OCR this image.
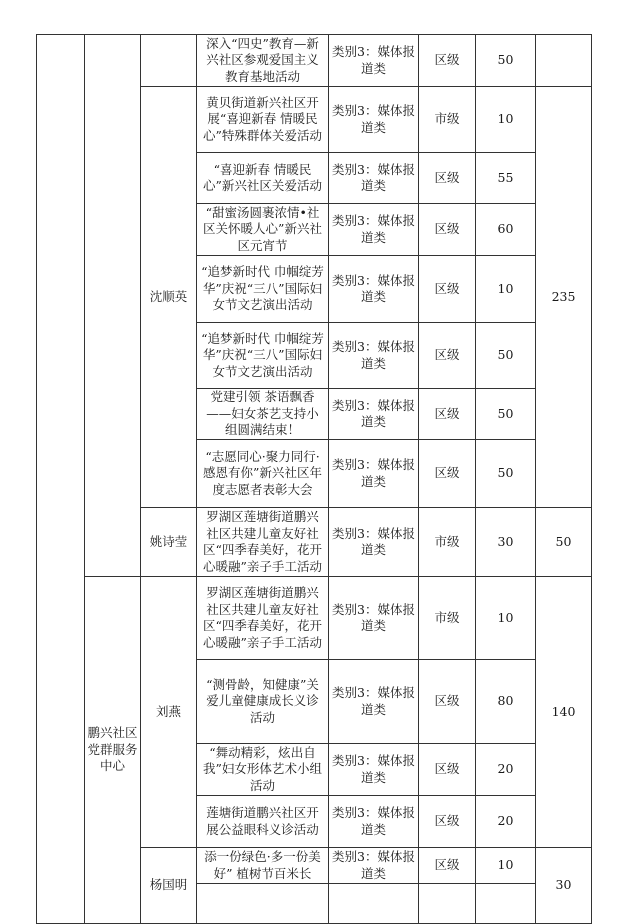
			深入“四史”教育—新兴社区参观爱国主义教育基地活动	类别3：媒体报道类	区级	50	
		沈顺英	黄贝街道新兴社区开展“喜迎新春 情暖民心”特殊群体关爱活动	类别3：媒体报道类	市级	10	235
			“喜迎新春 情暖民心”新兴社区关爱活动	类别3：媒体报道类	区级	55	
			“甜蜜汤圆裹浓情•社区关怀暖人心”新兴社区元宵节	类别3：媒体报道类	区级	60	
			“追梦新时代 巾帼绽芳华”庆祝“三八”国际妇女节文艺演出活动	类别3：媒体报道类	区级	10	
			“追梦新时代 巾帼绽芳华”庆祝“三八”国际妇女节文艺演出活动	类别3：媒体报道类	区级	50	
			党建引领 茶语飘香——妇女茶艺支持小组圆满结束！	类别3：媒体报道类	区级	50	
			“志愿同心·聚力同行·感恩有你”新兴社区年度志愿者表彰大会	类别3：媒体报道类	区级	50	
		姚诗莹	罗湖区莲塘街道鹏兴社区共建儿童友好社区“四季春美好，花开心暖融”亲子手工活动	类别3：媒体报道类	市级	30	50
	鹏兴社区党群服务中心	刘燕	罗湖区莲塘街道鹏兴社区共建儿童友好社区“四季春美好，花开心暖融”亲子手工活动	类别3：媒体报道类	市级	10	140
			“测骨龄，知健康”关爱儿童健康成长义诊活动	类别3：媒体报道类	区级	80	
			“舞动精彩，炫出自我”妇女形体艺术小组活动	类别3：媒体报道类	区级	20	
			莲塘街道鹏兴社区开展公益眼科义诊活动	类别3：媒体报道类	区级	20	
		杨国明	添一份绿色·多一份美好” 植树节百米长	类别3：媒体报道类	区级	10	30
